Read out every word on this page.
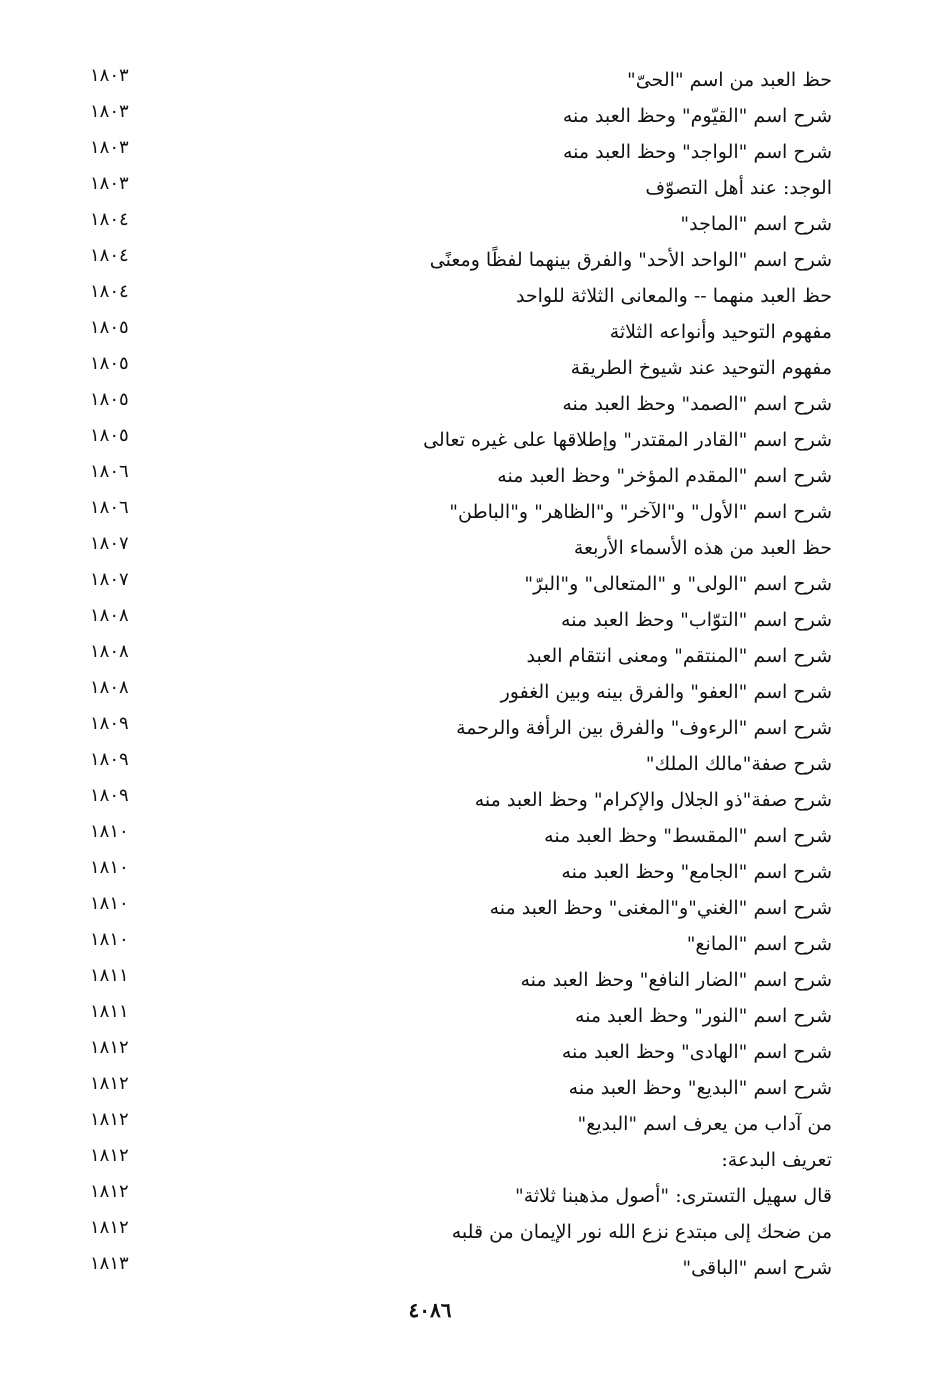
حظ العبد من اسم "الحىّ"
١٨٠٣
شرح اسم "القيّوم" وحظ العبد منه
١٨٠٣
شرح اسم "الواجد" وحظ العبد منه
١٨٠٣
الوجد: عند أهل التصوّف
١٨٠٣
شرح اسم "الماجد"
١٨٠٤
شرح اسم "الواحد الأحد" والفرق بينهما لفظًا ومعنًى
١٨٠٤
حظ العبد منهما -- والمعانى الثلاثة للواحد
١٨٠٤
مفهوم التوحيد وأنواعه الثلاثة
١٨٠٥
مفهوم التوحيد عند شيوخ الطريقة
١٨٠٥
شرح اسم "الصمد" وحظ العبد منه
١٨٠٥
شرح اسم "القادر المقتدر" وإطلاقها على غيره تعالى
١٨٠٥
شرح اسم "المقدم المؤخر" وحظ العبد منه
١٨٠٦
شرح اسم "الأول" و"الآخر" و"الظاهر" و"الباطن"
١٨٠٦
حظ العبد من هذه الأسماء الأربعة
١٨٠٧
شرح اسم "الولى" و "المتعالى" و"البرّ"
١٨٠٧
شرح اسم "التوّاب" وحظ العبد منه
١٨٠٨
شرح اسم "المنتقم" ومعنى انتقام العبد
١٨٠٨
شرح اسم "العفو" والفرق بينه وبين الغفور
١٨٠٨
شرح اسم "الرءوف" والفرق بين الرأفة والرحمة
١٨٠٩
شرح صفة"مالك الملك"
١٨٠٩
شرح صفة"ذو الجلال والإكرام" وحظ العبد منه
١٨٠٩
شرح اسم "المقسط" وحظ العبد منه
١٨١٠
شرح اسم "الجامع" وحظ العبد منه
١٨١٠
شرح اسم "الغني"و"المغنى" وحظ العبد منه
١٨١٠
شرح اسم "المانع"
١٨١٠
شرح اسم "الضار النافع" وحظ العبد منه
١٨١١
شرح اسم "النور" وحظ العبد منه
١٨١١
شرح اسم "الهادى" وحظ العبد منه
١٨١٢
شرح اسم "البديع" وحظ العبد منه
١٨١٢
من آداب من يعرف اسم "البديع"
١٨١٢
تعريف البدعة:
١٨١٢
قال سهيل التسترى: "أصول مذهبنا ثلاثة"
١٨١٢
من ضحك إلى مبتدع نزع الله نور الإيمان من قلبه
١٨١٢
شرح اسم "الباقى"
١٨١٣
٤٠٨٦
